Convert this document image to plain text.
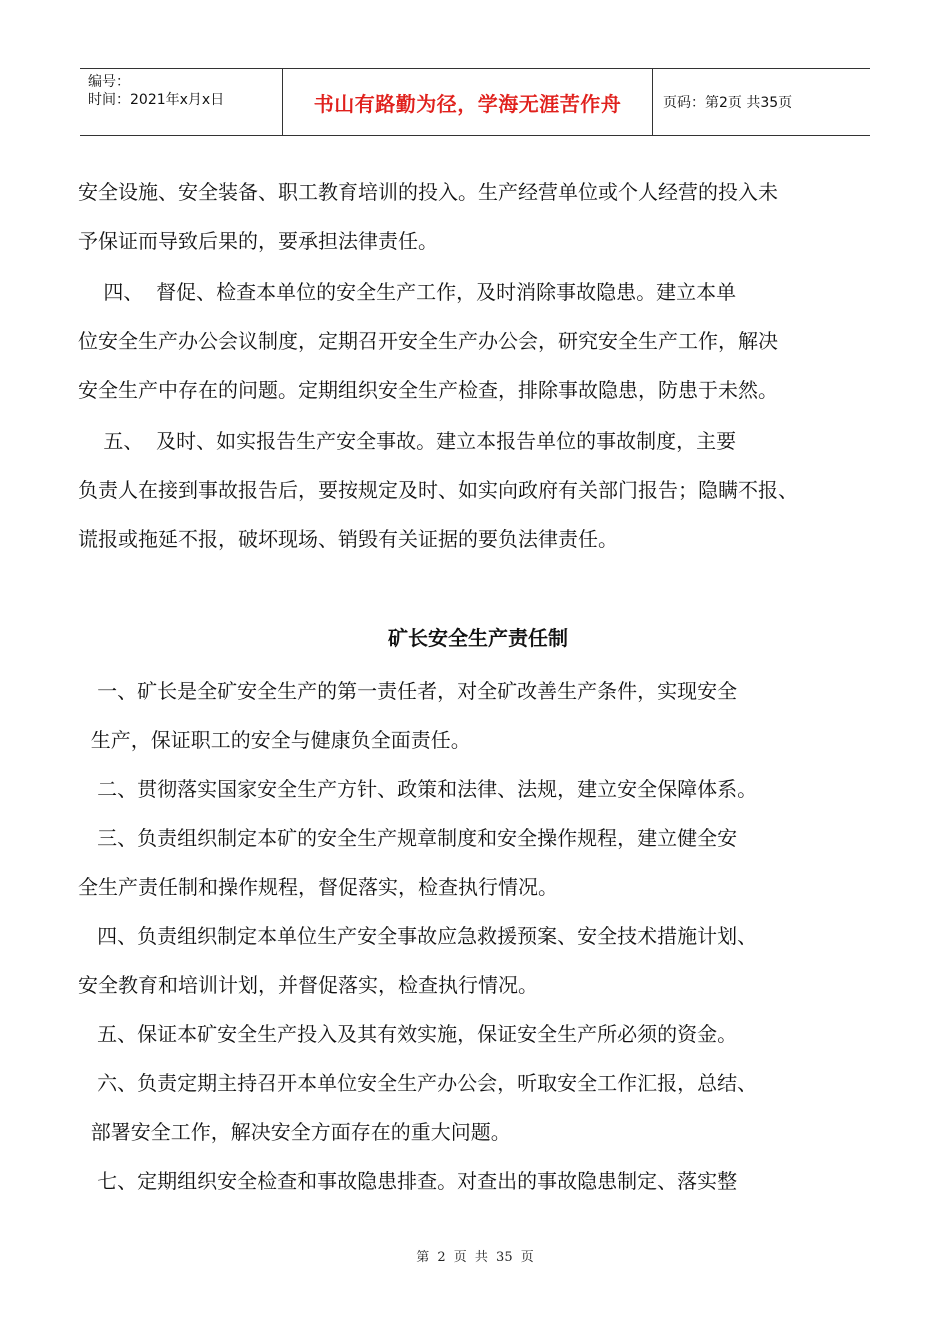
编号：
时间：2021年x月x日	书山有路勤为径，学海无涯苦作舟	页码：第2页 共35页

安全设施、安全装备、职工教育培训的投入。生产经营单位或个人经营的投入未

予保证而导致后果的，要承担法律责任。

四、  督促、检查本单位的安全生产工作，及时消除事故隐患。建立本单

位安全生产办公会议制度，定期召开安全生产办公会，研究安全生产工作，解决

安全生产中存在的问题。定期组织安全生产检查，排除事故隐患，防患于未然。

五、  及时、如实报告生产安全事故。建立本报告单位的事故制度，主要

负责人在接到事故报告后，要按规定及时、如实向政府有关部门报告；隐瞒不报、

谎报或拖延不报，破坏现场、销毁有关证据的要负法律责任。

矿长安全生产责任制

一、矿长是全矿安全生产的第一责任者，对全矿改善生产条件，实现安全

生产，保证职工的安全与健康负全面责任。

二、贯彻落实国家安全生产方针、政策和法律、法规，建立安全保障体系。

三、负责组织制定本矿的安全生产规章制度和安全操作规程，建立健全安

全生产责任制和操作规程，督促落实，检查执行情况。

四、负责组织制定本单位生产安全事故应急救援预案、安全技术措施计划、

安全教育和培训计划，并督促落实，检查执行情况。

五、保证本矿安全生产投入及其有效实施，保证安全生产所必须的资金。

六、负责定期主持召开本单位安全生产办公会，听取安全工作汇报，总结、

部署安全工作，解决安全方面存在的重大问题。

七、定期组织安全检查和事故隐患排查。对查出的事故隐患制定、落实整

第 2 页 共 35 页
